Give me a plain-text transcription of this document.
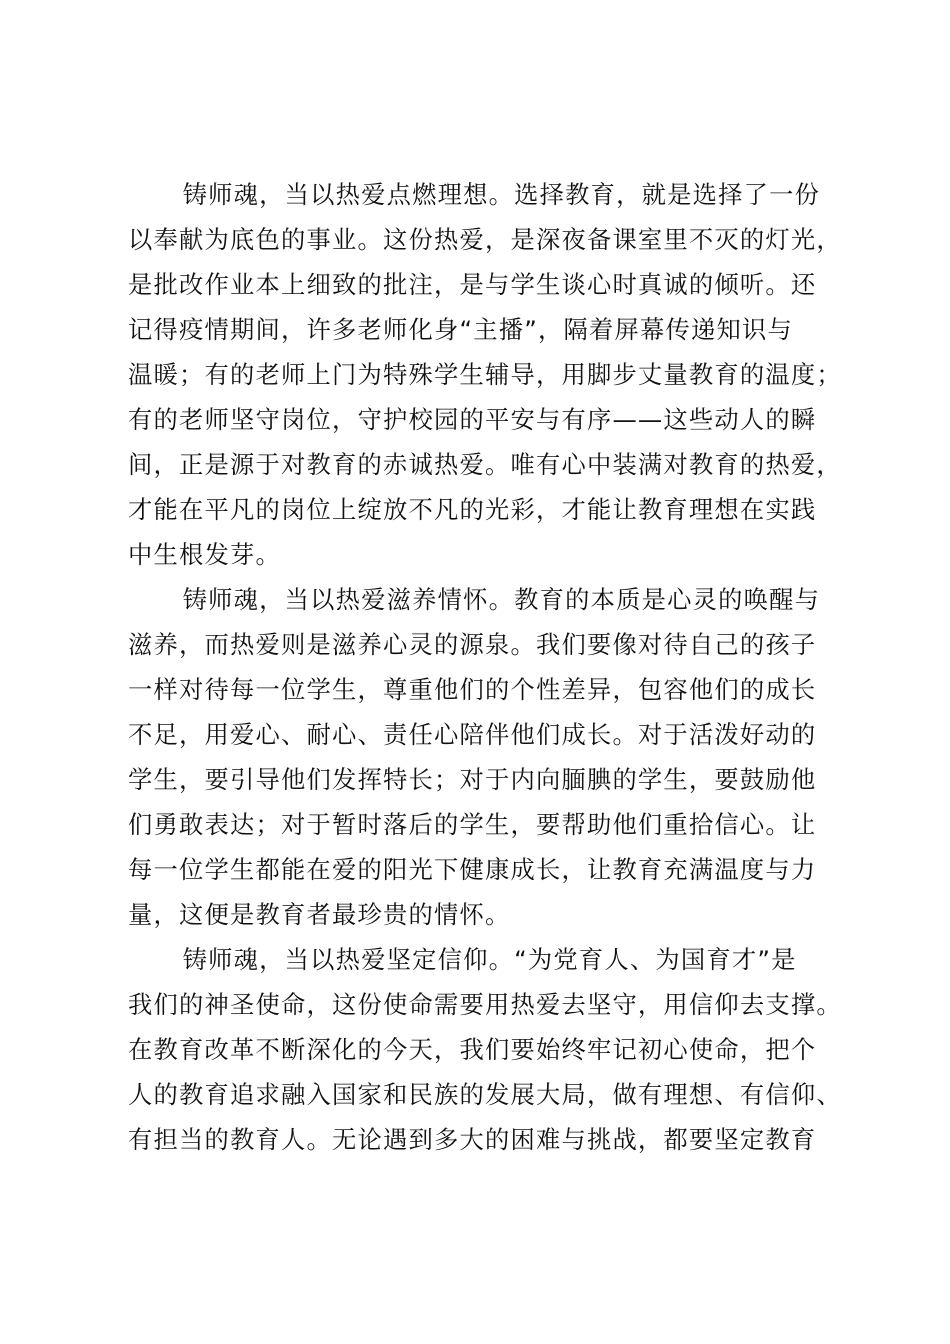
铸师魂，当以热爱点燃理想。选择教育，就是选择了一份
以奉献为底色的事业。这份热爱，是深夜备课室里不灭的灯光，
是批改作业本上细致的批注，是与学生谈心时真诚的倾听。还
记得疫情期间，许多老师化身“主播”，隔着屏幕传递知识与
温暖；有的老师上门为特殊学生辅导，用脚步丈量教育的温度；
有的老师坚守岗位，守护校园的平安与有序——这些动人的瞬
间，正是源于对教育的赤诚热爱。唯有心中装满对教育的热爱，
才能在平凡的岗位上绽放不凡的光彩，才能让教育理想在实践
中生根发芽。

铸师魂，当以热爱滋养情怀。教育的本质是心灵的唤醒与
滋养，而热爱则是滋养心灵的源泉。我们要像对待自己的孩子
一样对待每一位学生，尊重他们的个性差异，包容他们的成长
不足，用爱心、耐心、责任心陪伴他们成长。对于活泼好动的
学生，要引导他们发挥特长；对于内向腼腆的学生，要鼓励他
们勇敢表达；对于暂时落后的学生，要帮助他们重拾信心。让
每一位学生都能在爱的阳光下健康成长，让教育充满温度与力
量，这便是教育者最珍贵的情怀。

铸师魂，当以热爱坚定信仰。“为党育人、为国育才”是
我们的神圣使命，这份使命需要用热爱去坚守，用信仰去支撑。
在教育改革不断深化的今天，我们要始终牢记初心使命，把个
人的教育追求融入国家和民族的发展大局，做有理想、有信仰、
有担当的教育人。无论遇到多大的困难与挑战，都要坚定教育
